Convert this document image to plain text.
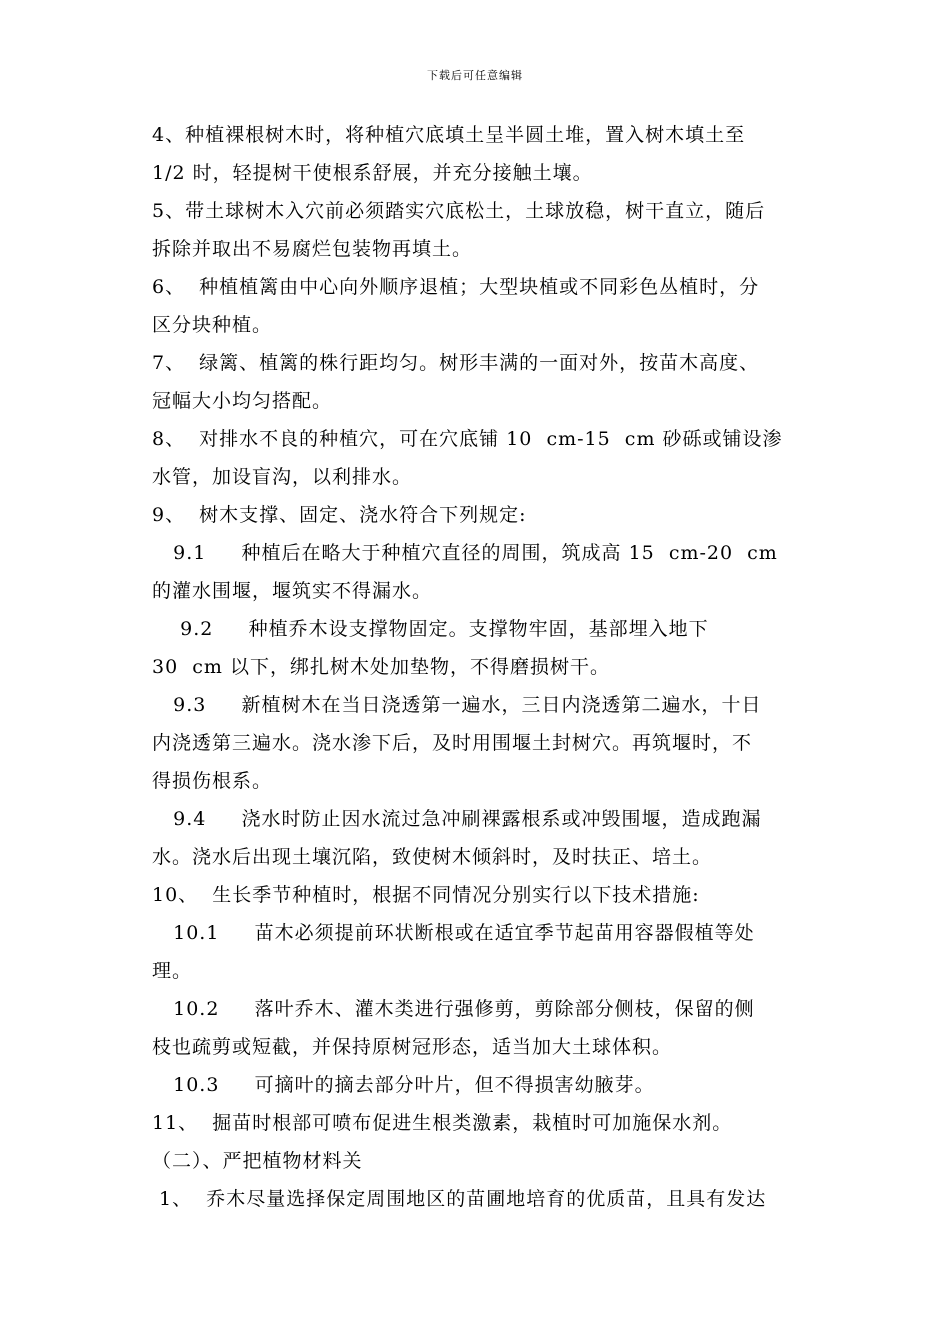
下载后可任意编辑
4、种植裸根树木时，将种植穴底填土呈半圆土堆，置入树木填土至
1/2 时，轻提树干使根系舒展，并充分接触土壤。
5、带土球树木入穴前必须踏实穴底松土，土球放稳，树干直立，随后
拆除并取出不易腐烂包装物再填土。
6、  种植植篱由中心向外顺序退植；大型块植或不同彩色丛植时，分
区分块种植。
7、  绿篱、植篱的株行距均匀。树形丰满的一面对外，按苗木高度、
冠幅大小均匀搭配。
8、  对排水不良的种植穴，可在穴底铺 10  cm-15  cm 砂砾或铺设渗
水管，加设盲沟，以利排水。
9、  树木支撑、固定、浇水符合下列规定:
9.1     种植后在略大于种植穴直径的周围，筑成高 15  cm-20  cm
的灌水围堰，堰筑实不得漏水。
9.2     种植乔木设支撑物固定。支撑物牢固，基部埋入地下
30  cm 以下，绑扎树木处加垫物，不得磨损树干。
9.3     新植树木在当日浇透第一遍水，三日内浇透第二遍水，十日
内浇透第三遍水。浇水渗下后，及时用围堰土封树穴。再筑堰时，不
得损伤根系。
9.4     浇水时防止因水流过急冲刷裸露根系或冲毁围堰，造成跑漏
水。浇水后出现土壤沉陷，致使树木倾斜时，及时扶正、培土。
10、  生长季节种植时，根据不同情况分别实行以下技术措施:
10.1     苗木必须提前环状断根或在适宜季节起苗用容器假植等处
理。
10.2     落叶乔木、灌木类进行强修剪，剪除部分侧枝，保留的侧
枝也疏剪或短截，并保持原树冠形态，适当加大土球体积。
10.3     可摘叶的摘去部分叶片，但不得损害幼腋芽。
11、  掘苗时根部可喷布促进生根类激素，栽植时可加施保水剂。
（二）、严把植物材料关
1、  乔木尽量选择保定周围地区的苗圃地培育的优质苗，且具有发达
